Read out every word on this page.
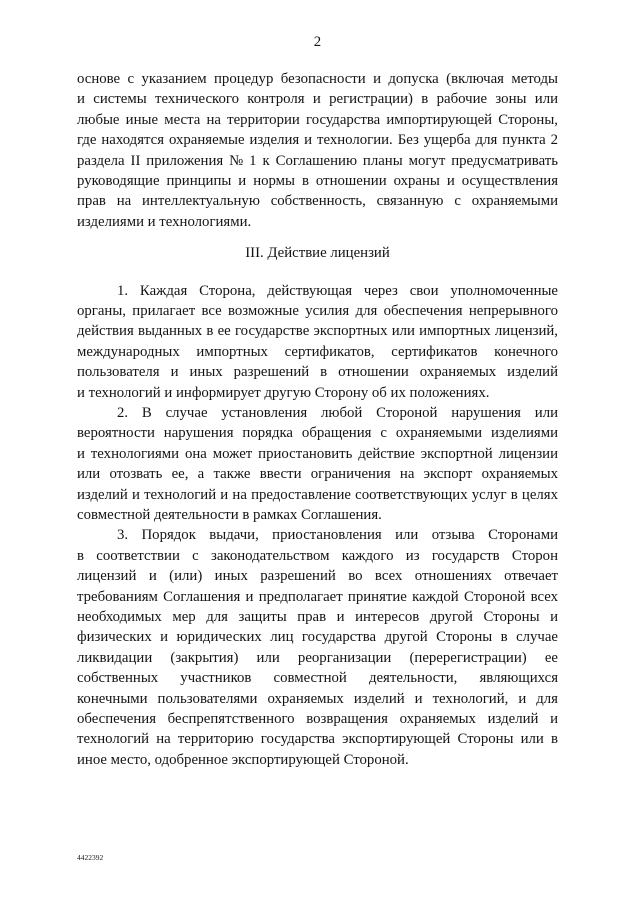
2
основе с указанием процедур безопасности и допуска (включая методы
и системы технического контроля и регистрации) в рабочие зоны или
любые иные места на территории государства импортирующей Стороны,
где находятся охраняемые изделия и технологии. Без ущерба для пункта 2
раздела II приложения № 1 к Соглашению планы могут предусматривать
руководящие принципы и нормы в отношении охраны и осуществления
прав на интеллектуальную собственность, связанную с охраняемыми
изделиями и технологиями.
III. Действие лицензий
1. Каждая Сторона, действующая через свои уполномоченные
органы, прилагает все возможные усилия для обеспечения непрерывного
действия выданных в ее государстве экспортных или импортных лицензий,
международных импортных сертификатов, сертификатов конечного
пользователя и иных разрешений в отношении охраняемых изделий
и технологий и информирует другую Сторону об их положениях.
2. В случае установления любой Стороной нарушения или
вероятности нарушения порядка обращения с охраняемыми изделиями
и технологиями она может приостановить действие экспортной лицензии
или отозвать ее, а также ввести ограничения на экспорт охраняемых
изделий и технологий и на предоставление соответствующих услуг в целях
совместной деятельности в рамках Соглашения.
3. Порядок выдачи, приостановления или отзыва Сторонами
в соответствии с законодательством каждого из государств Сторон
лицензий и (или) иных разрешений во всех отношениях отвечает
требованиям Соглашения и предполагает принятие каждой Стороной всех
необходимых мер для защиты прав и интересов другой Стороны и
физических и юридических лиц государства другой Стороны в случае
ликвидации (закрытия) или реорганизации (перерегистрации) ее
собственных участников совместной деятельности, являющихся
конечными пользователями охраняемых изделий и технологий, и для
обеспечения беспрепятственного возвращения охраняемых изделий и
технологий на территорию государства экспортирующей Стороны или в
иное место, одобренное экспортирующей Стороной.
4422392
